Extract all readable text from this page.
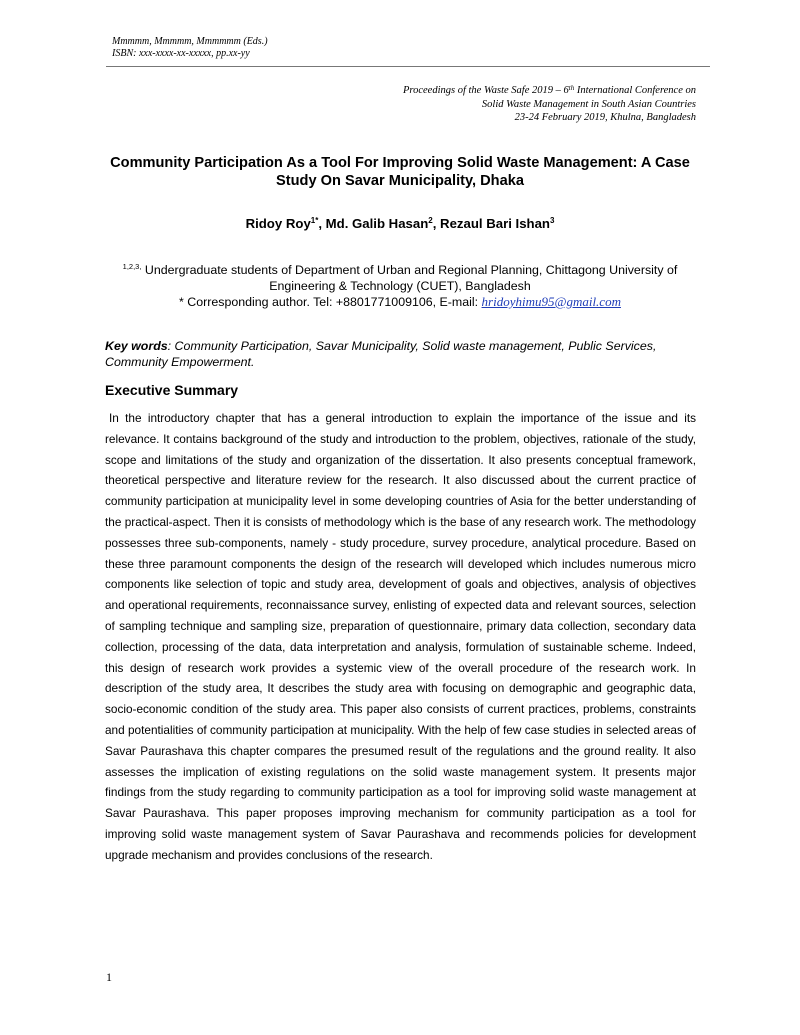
Mmmmm, Mmmmm, Mmmmmm (Eds.)
ISBN: xxx-xxxx-xx-xxxxx, pp.xx-yy
Proceedings of the Waste Safe 2019 – 6th International Conference on
Solid Waste Management in South Asian Countries
23-24 February 2019, Khulna, Bangladesh
Community Participation As a Tool For Improving Solid Waste Management: A Case Study On Savar Municipality, Dhaka
Ridoy Roy$^{1*}$, Md. Galib Hasan$^2$, Rezaul Bari Ishan$^3$
$^{1,2,3,}$ Undergraduate students of Department of Urban and Regional Planning, Chittagong University of Engineering & Technology (CUET), Bangladesh
* Corresponding author. Tel: +8801771009106, E-mail: hridoyhimu95@gmail.com
Key words: Community Participation, Savar Municipality, Solid waste management, Public Services, Community Empowerment.
Executive Summary

In the introductory chapter that has a general introduction to explain the importance of the issue and its relevance. It contains background of the study and introduction to the problem, objectives, rationale of the study, scope and limitations of the study and organization of the dissertation. It also presents conceptual framework, theoretical perspective and literature review for the research. It also discussed about the current practice of community participation at municipality level in some developing countries of Asia for the better understanding of the practical-aspect. Then it is consists of methodology which is the base of any research work. The methodology possesses three sub-components, namely - study procedure, survey procedure, analytical procedure. Based on these three paramount components the design of the research will developed which includes numerous micro components like selection of topic and study area, development of goals and objectives, analysis of objectives and operational requirements, reconnaissance survey, enlisting of expected data and relevant sources, selection of sampling technique and sampling size, preparation of questionnaire, primary data collection, secondary data collection, processing of the data, data interpretation and analysis, formulation of sustainable scheme. Indeed, this design of research work provides a systemic view of the overall procedure of the research work. In description of the study area, It describes the study area with focusing on demographic and geographic data, socio-economic condition of the study area. This paper also consists of current practices, problems, constraints and potentialities of community participation at municipality. With the help of few case studies in selected areas of Savar Paurashava this chapter compares the presumed result of the regulations and the ground reality. It also assesses the implication of existing regulations on the solid waste management system. It presents major findings from the study regarding to community participation as a tool for improving solid waste management at Savar Paurashava. This paper proposes improving mechanism for community participation as a tool for improving solid waste management system of Savar Paurashava and recommends policies for development upgrade mechanism and provides conclusions of the research.

1
